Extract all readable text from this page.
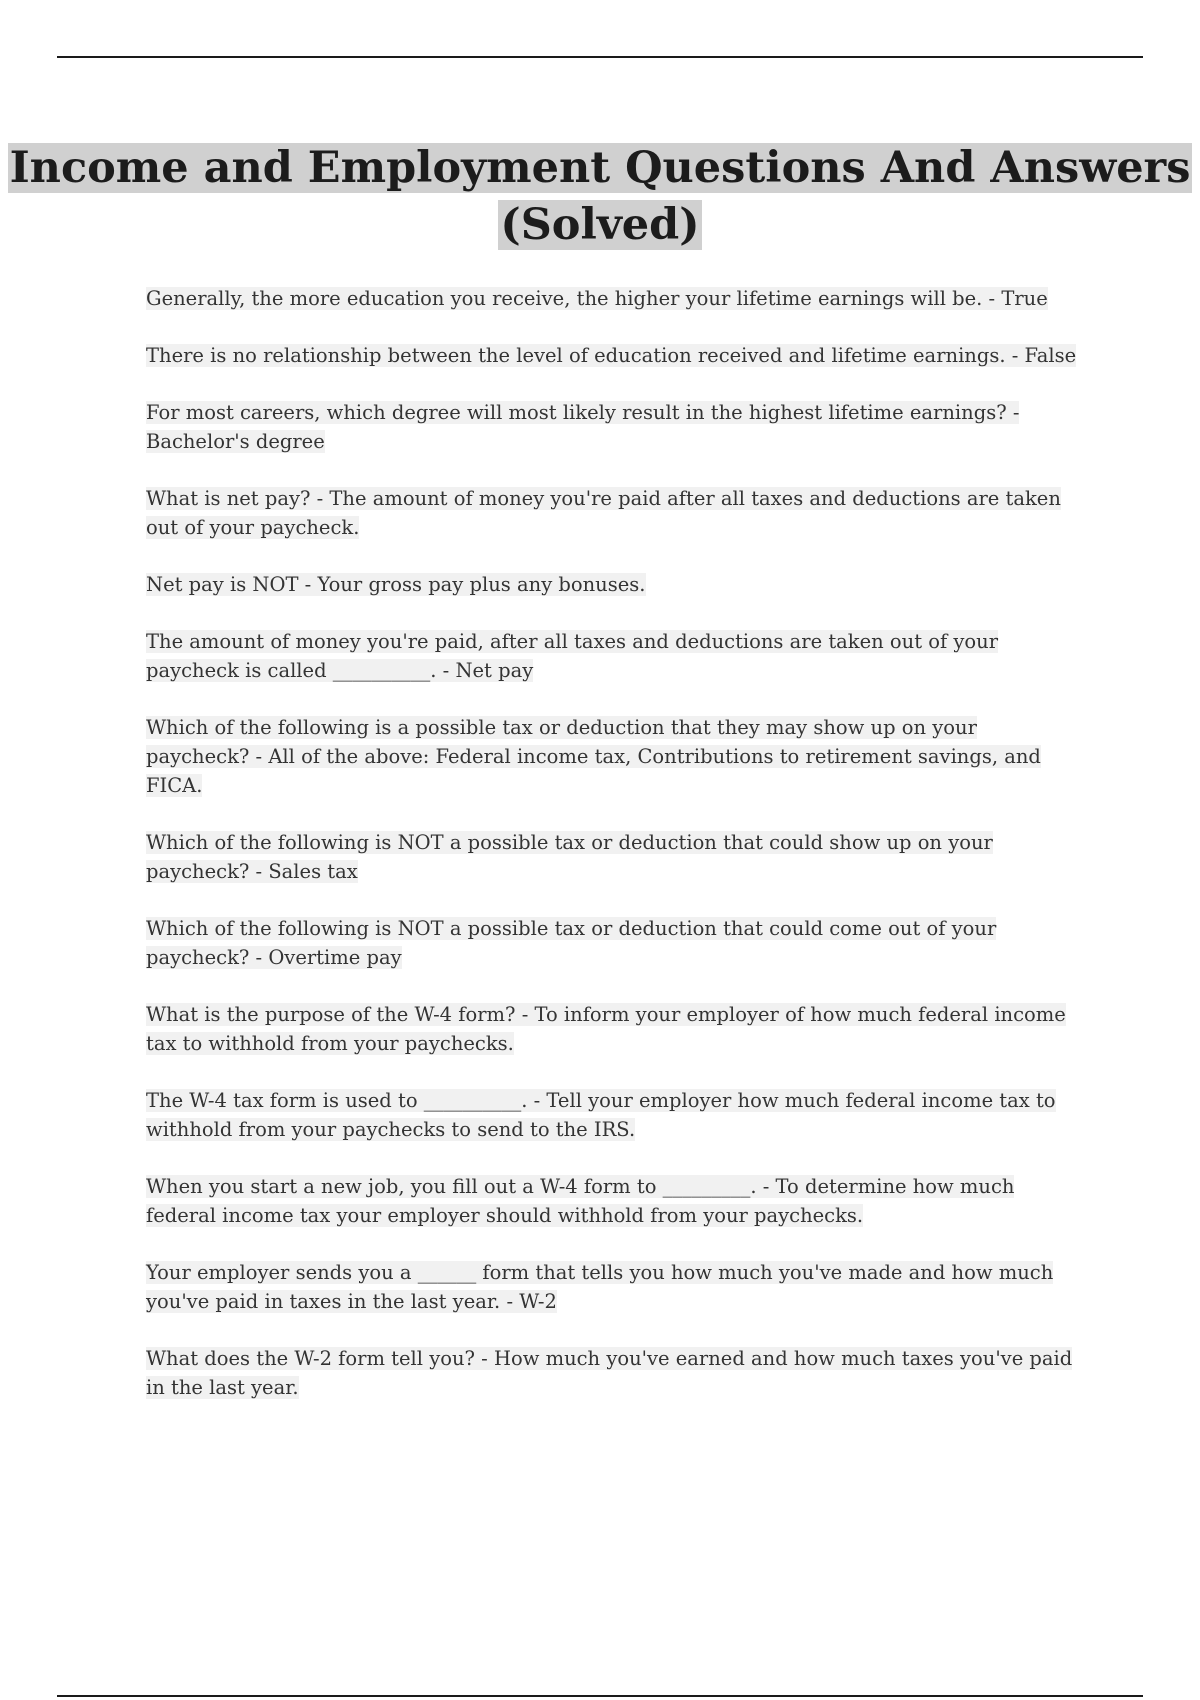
Income and Employment Questions And Answers (Solved)

Generally, the more education you receive, the higher your lifetime earnings will be. - True

There is no relationship between the level of education received and lifetime earnings. - False

For most careers, which degree will most likely result in the highest lifetime earnings? - Bachelor's degree

What is net pay? - The amount of money you're paid after all taxes and deductions are taken out of your paycheck.

Net pay is NOT - Your gross pay plus any bonuses.

The amount of money you're paid, after all taxes and deductions are taken out of your paycheck is called __________. - Net pay

Which of the following is a possible tax or deduction that they may show up on your paycheck? - All of the above: Federal income tax, Contributions to retirement savings, and FICA.

Which of the following is NOT a possible tax or deduction that could show up on your paycheck? - Sales tax

Which of the following is NOT a possible tax or deduction that could come out of your paycheck? - Overtime pay

What is the purpose of the W-4 form? - To inform your employer of how much federal income tax to withhold from your paychecks.

The W-4 tax form is used to __________. - Tell your employer how much federal income tax to withhold from your paychecks to send to the IRS.

When you start a new job, you fill out a W-4 form to _________. - To determine how much federal income tax your employer should withhold from your paychecks.

Your employer sends you a ______ form that tells you how much you've made and how much you've paid in taxes in the last year. - W-2

What does the W-2 form tell you? - How much you've earned and how much taxes you've paid in the last year.
